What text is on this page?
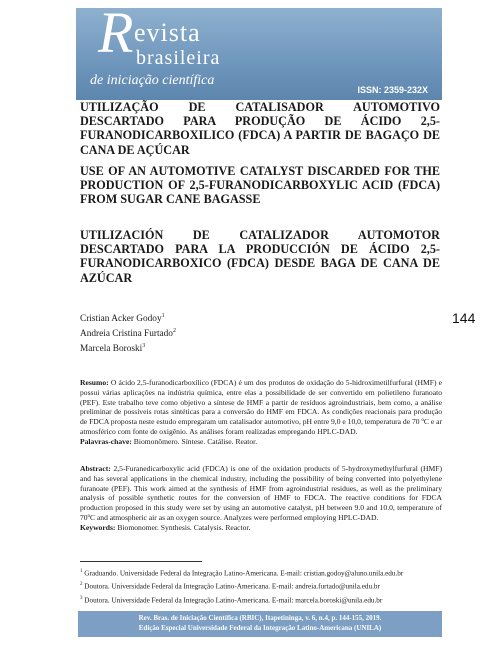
R evista
brasileira
de iniciação científica
ISSN: 2359-232X
UTILIZAÇÃO DE CATALISADOR AUTOMOTIVO DESCARTADO PARA PRODUÇÃO DE ÁCIDO 2,5-FURANODICARBOXILICO (FDCA) A PARTIR DE BAGAÇO DE CANA DE AÇÚCAR
USE OF AN AUTOMOTIVE CATALYST DISCARDED FOR THE PRODUCTION OF 2,5-FURANODICARBOXYLIC ACID (FDCA) FROM SUGAR CANE BAGASSE
UTILIZACIÓN DE CATALIZADOR AUTOMOTOR DESCARTADO PARA LA PRODUCCIÓN DE ÁCIDO 2,5-FURANODICARBOXICO (FDCA) DESDE BAGA DE CANA DE AZÚCAR
Cristian Acker Godoy$^1$
Andreia Cristina Furtado$^2$
Marcela Boroski$^3$
144

Resumo: O ácido 2,5-furanodicarboxílico (FDCA) é um dos produtos de oxidação do 5-hidroximetilfurfural (HMF) e possui várias aplicações na indústria química, entre elas a possibilidade de ser convertido em polietileno furanoato (PEF). Este trabalho teve como objetivo a síntese de HMF a partir de resíduos agroindustriais, bem como, a análise preliminar de possíveis rotas sintéticas para a conversão do HMF em FDCA. As condições reacionais para produção de FDCA proposta neste estudo empregaram um catalisador automotivo, pH entre 9,0 e 10,0, temperatura de 70 ºC e ar atmosférico com fonte de oxigênio. As análises foram realizadas empregando HPLC-DAD.
Palavras-chave: Biomonômero. Síntese. Catálise. Reator.

Abstract: 2,5-Furanedicarboxylic acid (FDCA) is one of the oxidation products of 5-hydroxymethylfurfural (HMF) and has several applications in the chemical industry, including the possibility of being converted into polyethylene furanoate (PEF). This work aimed at the synthesis of HMF from agroindustrial residues, as well as the preliminary analysis of possible synthetic routes for the conversion of HMF to FDCA. The reactive conditions for FDCA production proposed in this study were set by using an automotive catalyst, pH between 9.0 and 10.0, temperature of 70ºC and atmospheric air as an oxygen source. Analyzes were performed employing HPLC-DAD.
Keywords: Biomonomer. Synthesis. Catalysis. Reactor.

$^1$ Graduando. Universidade Federal da Integração Latino-Americana. E-mail: cristian.godoy@aluno.unila.edu.br
$^2$ Doutora. Universidade Federal da Integração Latino-Americana. E-mail: andreia.furtado@unila.edu.br
$^3$ Doutora. Universidade Federal da Integração Latino-Americana. E-mail: marcela.boroski@unila.edu.br
Rev. Bras. de Iniciação Científica (RBIC), Itapetininga, v. 6, n.4, p. 144-155, 2019.
Edição Especial Universidade Federal da Integração Latino-Americana (UNILA)
